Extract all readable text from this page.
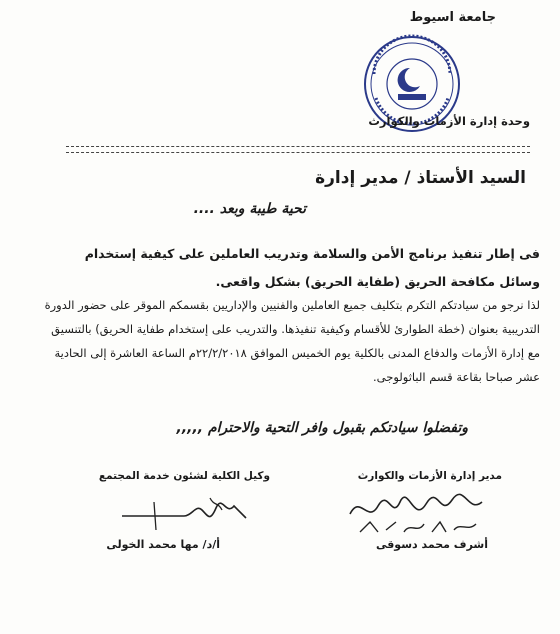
جامعة اسيوط
وحدة إدارة الأزمات والكوارث
السيد الأستاذ / مدير إدارة
تحية طيبة وبعد ....
فى إطار تنفيذ برنامج الأمن والسلامة وتدريب العاملين على كيفية إستخدام وسائل مكافحة الحريق (طفاية الحريق) بشكل واقعى.
لذا نرجو من سيادتكم التكرم بتكليف جميع العاملين والفنيين والإداريين بقسمكم الموقر على حضور الدورة التدريبية بعنوان (خطة الطوارئ للأقسام وكيفية تنفيذها. والتدريب على إستخدام طفاية الحريق) بالتنسيق مع إدارة الأزمات والدفاع المدنى بالكلية يوم الخميس الموافق ٢٢/٢/٢٠١٨م الساعة العاشرة إلى الحادية عشر صباحا بقاعة قسم الباثولوجى.
وتفضلوا سيادتكم بقبول وافر التحية والاحترام ,,,,,
مدير إدارة الأزمات والكوارث
أشرف محمد دسوقى
وكيل الكلية لشئون خدمة المجتمع
أ/د/ مها محمد الخولى
